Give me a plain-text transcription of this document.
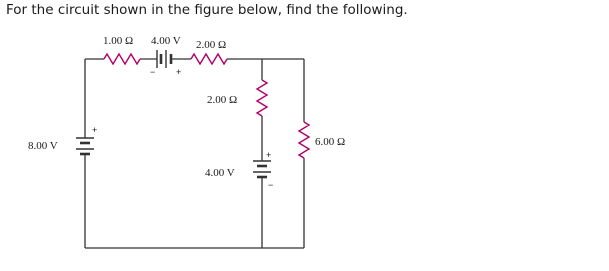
For the circuit shown in the figure below, find the following.
− +
+
+
−
1.00 Ω 4.00 V 2.00 Ω
2.00 Ω
8.00 V
4.00 V
6.00 Ω
